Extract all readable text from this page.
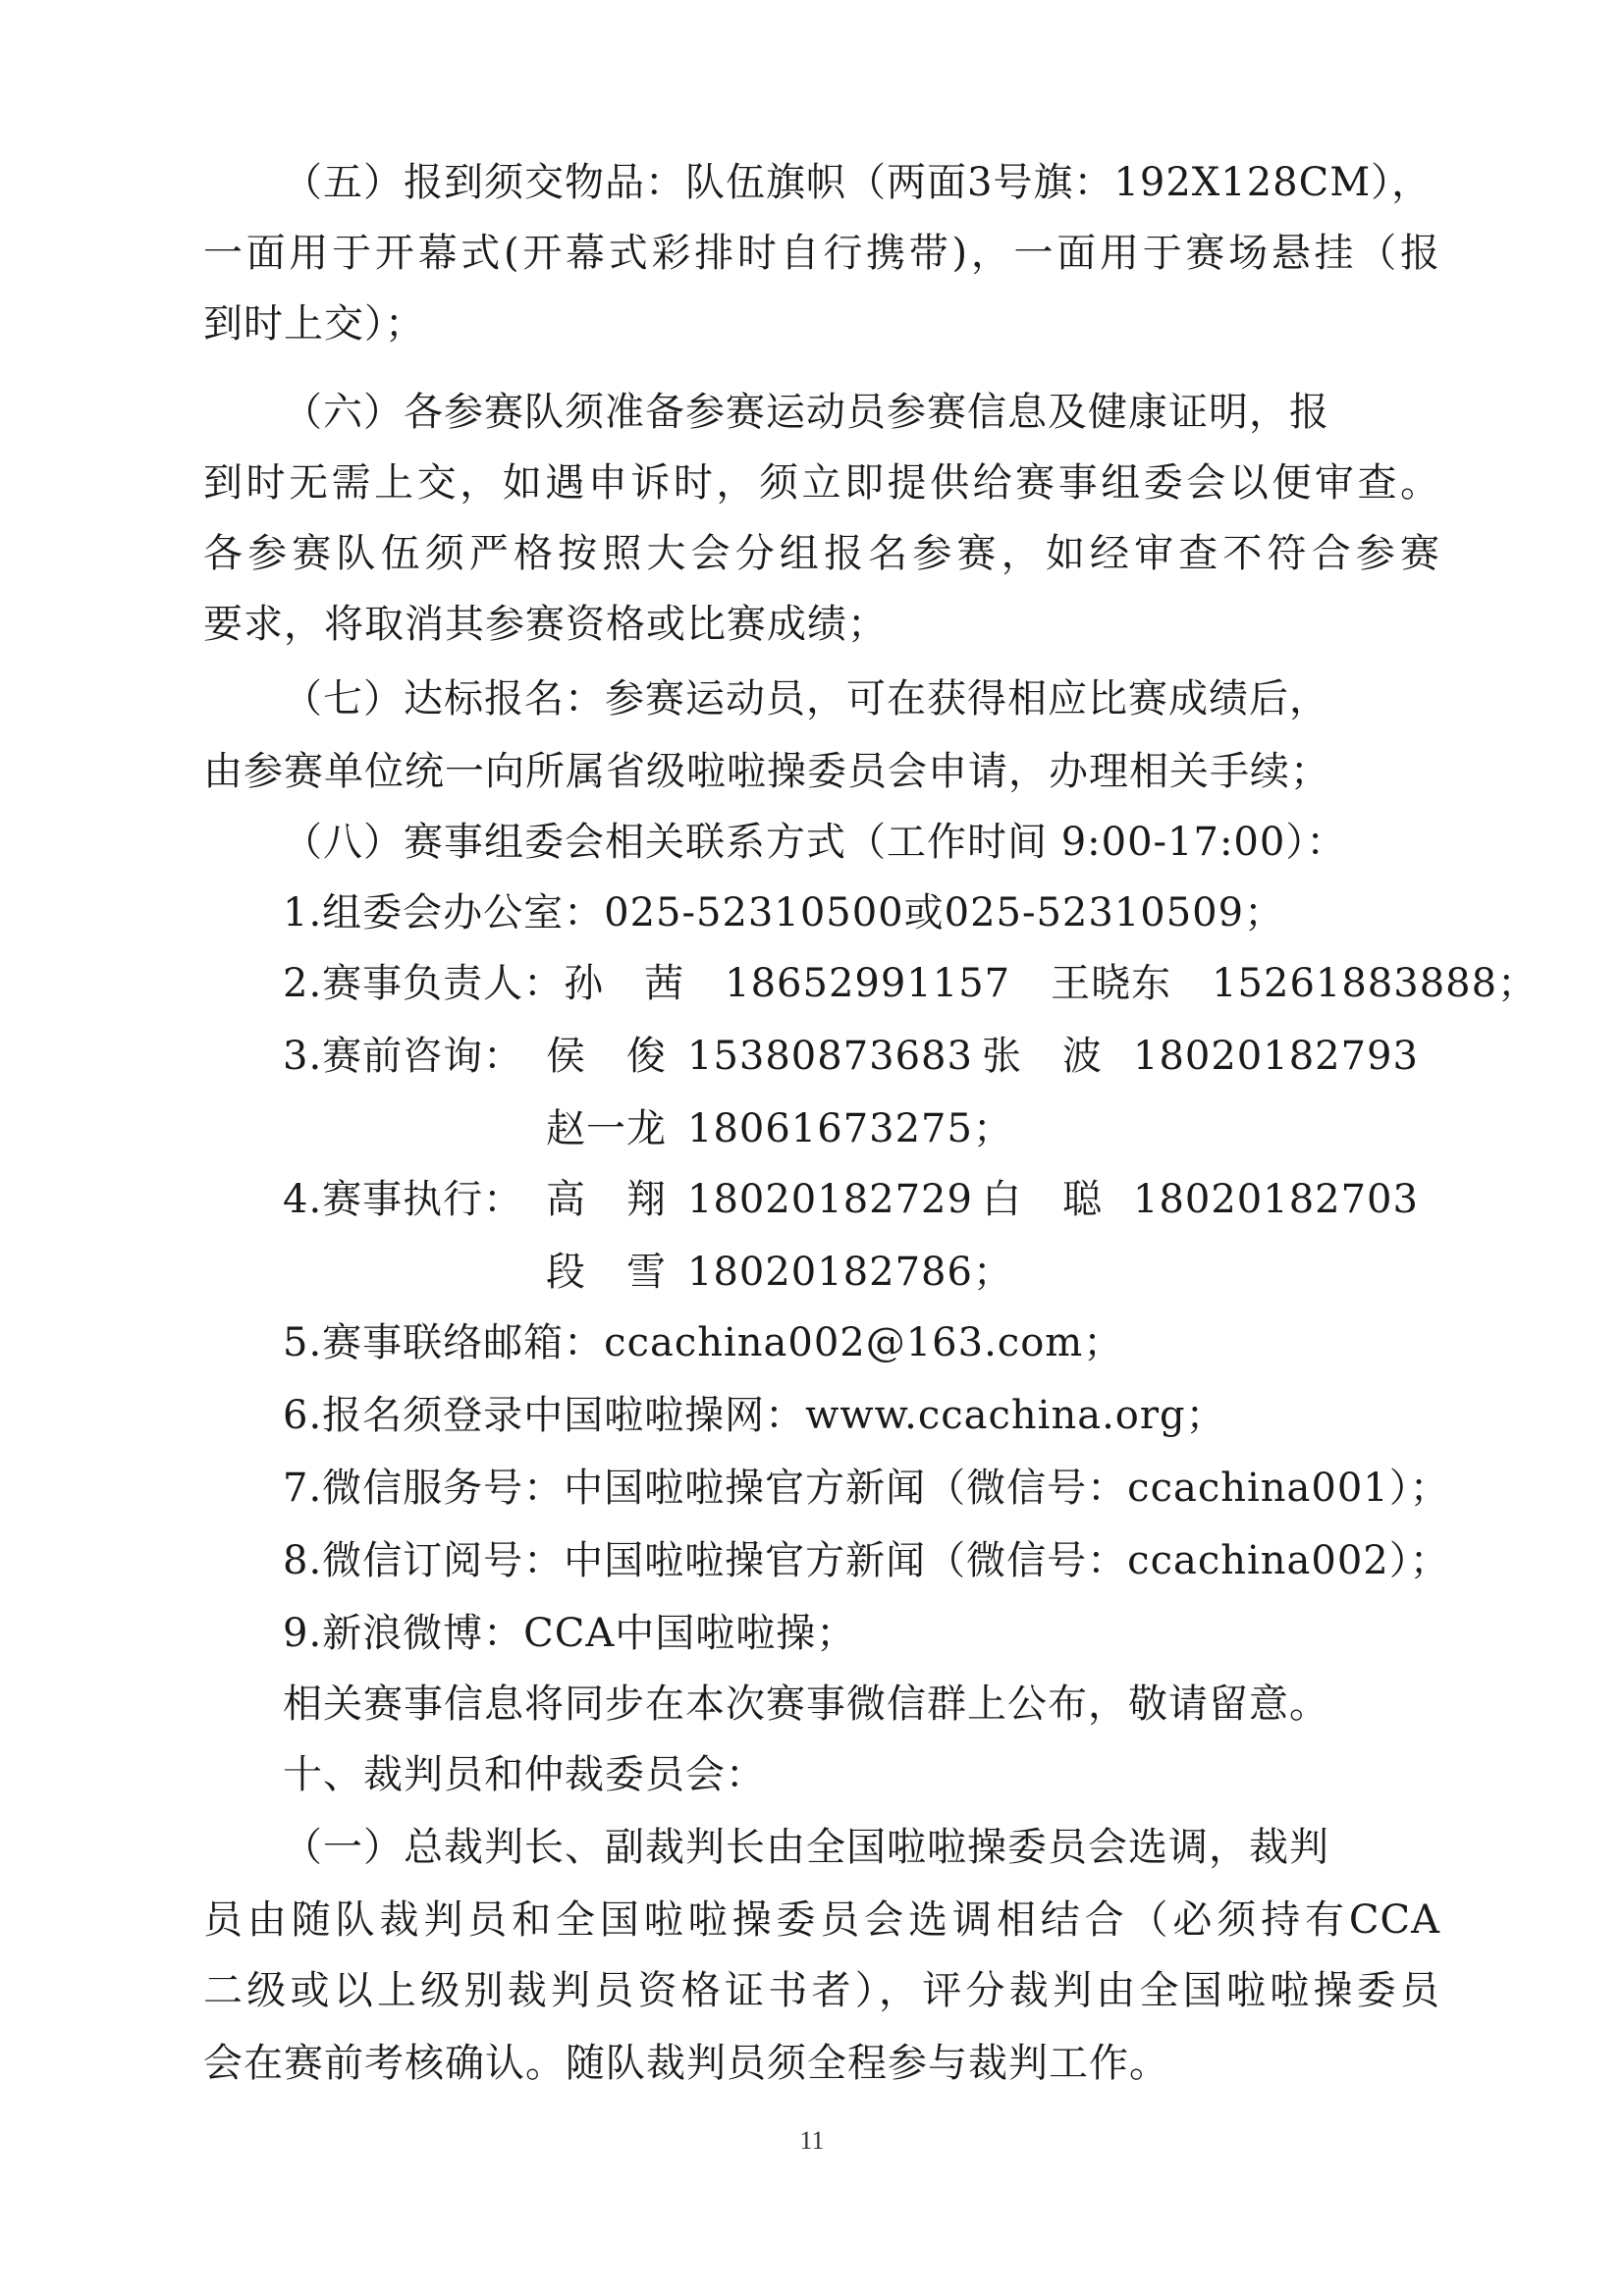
（五）报到须交物品：队伍旗帜（两面3号旗：192X128CM），
一面用于开幕式(开幕式彩排时自行携带)，一面用于赛场悬挂（报
到时上交）；
（六）各参赛队须准备参赛运动员参赛信息及健康证明，报
到时无需上交，如遇申诉时，须立即提供给赛事组委会以便审查。
各参赛队伍须严格按照大会分组报名参赛，如经审查不符合参赛
要求，将取消其参赛资格或比赛成绩；
（七）达标报名：参赛运动员，可在获得相应比赛成绩后，
由参赛单位统一向所属省级啦啦操委员会申请，办理相关手续；
（八）赛事组委会相关联系方式（工作时间 9:00-17:00）：
1.组委会办公室：025-52310500或025-52310509；
2.赛事负责人：孙　茜　18652991157　王晓东　15261883888；
3.赛前咨询： 侯　俊 15380873683 张　波 18020182793
赵一龙 18061673275；
4.赛事执行： 高　翔 18020182729 白　聪 18020182703
段　雪 18020182786；
5.赛事联络邮箱：ccachina002@163.com；
6.报名须登录中国啦啦操网：www.ccachina.org；
7.微信服务号：中国啦啦操官方新闻（微信号：ccachina001）；
8.微信订阅号：中国啦啦操官方新闻（微信号：ccachina002）；
9.新浪微博：CCA中国啦啦操；
相关赛事信息将同步在本次赛事微信群上公布，敬请留意。
十、裁判员和仲裁委员会：
（一）总裁判长、副裁判长由全国啦啦操委员会选调，裁判
员由随队裁判员和全国啦啦操委员会选调相结合（必须持有CCA
二级或以上级别裁判员资格证书者），评分裁判由全国啦啦操委员
会在赛前考核确认。随队裁判员须全程参与裁判工作。
11
